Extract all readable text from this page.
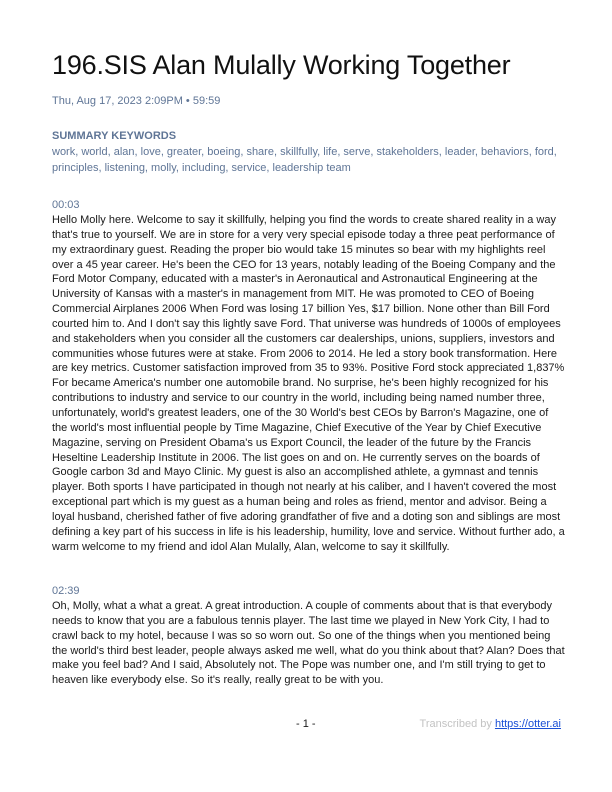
196.SIS Alan Mulally Working Together
Thu, Aug 17, 2023 2:09PM • 59:59
SUMMARY KEYWORDS
work, world, alan, love, greater, boeing, share, skillfully, life, serve, stakeholders, leader, behaviors, ford, principles, listening, molly, including, service, leadership team
00:03

Hello Molly here. Welcome to say it skillfully, helping you find the words to create shared reality in a way that's true to yourself. We are in store for a very very special episode today a three peat performance of my extraordinary guest. Reading the proper bio would take 15 minutes so bear with my highlights reel over a 45 year career. He's been the CEO for 13 years, notably leading of the Boeing Company and the Ford Motor Company, educated with a master's in Aeronautical and Astronautical Engineering at the University of Kansas with a master's in management from MIT. He was promoted to CEO of Boeing Commercial Airplanes 2006 When Ford was losing 17 billion Yes, $17 billion. None other than Bill Ford courted him to. And I don't say this lightly save Ford. That universe was hundreds of 1000s of employees and stakeholders when you consider all the customers car dealerships, unions, suppliers, investors and communities whose futures were at stake. From 2006 to 2014. He led a story book transformation. Here are key metrics. Customer satisfaction improved from 35 to 93%. Positive Ford stock appreciated 1,837% For became America's number one automobile brand. No surprise, he's been highly recognized for his contributions to industry and service to our country in the world, including being named number three, unfortunately, world's greatest leaders, one of the 30 World's best CEOs by Barron's Magazine, one of the world's most influential people by Time Magazine, Chief Executive of the Year by Chief Executive Magazine, serving on President Obama's us Export Council, the leader of the future by the Francis Heseltine Leadership Institute in 2006. The list goes on and on. He currently serves on the boards of Google carbon 3d and Mayo Clinic. My guest is also an accomplished athlete, a gymnast and tennis player. Both sports I have participated in though not nearly at his caliber, and I haven't covered the most exceptional part which is my guest as a human being and roles as friend, mentor and advisor. Being a loyal husband, cherished father of five adoring grandfather of five and a doting son and siblings are most defining a key part of his success in life is his leadership, humility, love and service. Without further ado, a warm welcome to my friend and idol Alan Mulally, Alan, welcome to say it skillfully.

02:39

Oh, Molly, what a what a great. A great introduction. A couple of comments about that is that everybody needs to know that you are a fabulous tennis player. The last time we played in New York City, I had to crawl back to my hotel, because I was so so worn out. So one of the things when you mentioned being the world's third best leader, people always asked me well, what do you think about that? Alan? Does that make you feel bad? And I said, Absolutely not. The Pope was number one, and I'm still trying to get to heaven like everybody else. So it's really, really great to be with you.

- 1 -	Transcribed by https://otter.ai
